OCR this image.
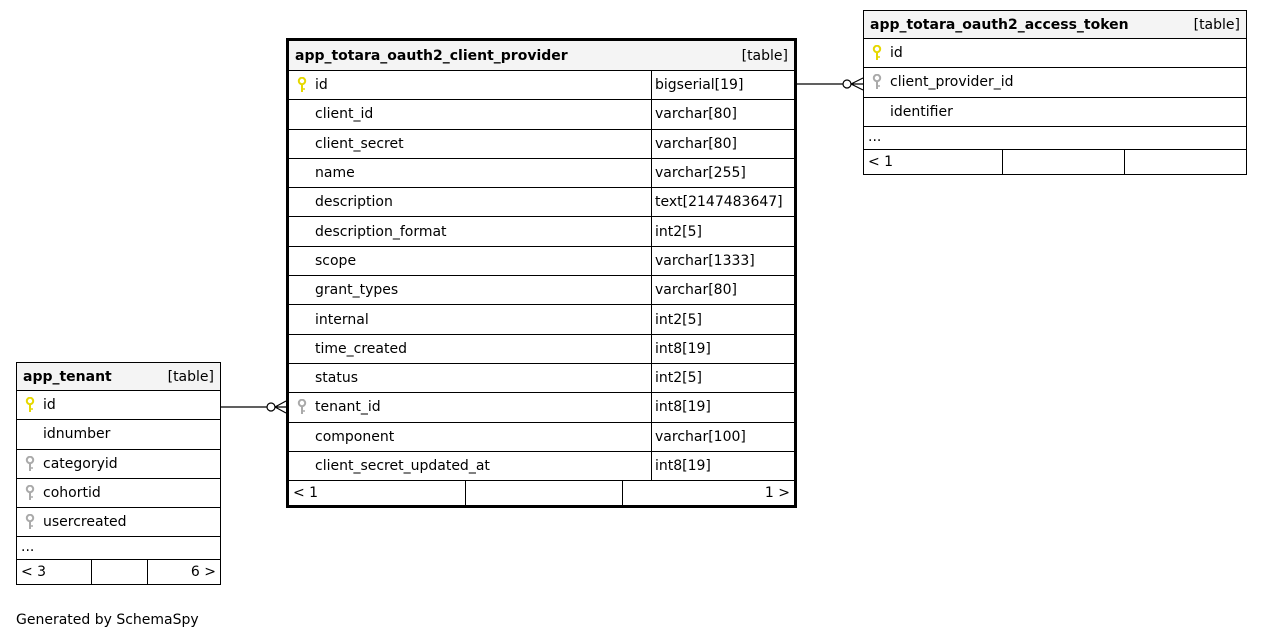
app_totara_oauth2_client_provider	[table]
id	bigserial[19]
client_id	varchar[80]
client_secret	varchar[80]
name	varchar[255]
description	text[2147483647]
description_format	int2[5]
scope	varchar[1333]
grant_types	varchar[80]
internal	int2[5]
time_created	int8[19]
status	int2[5]
tenant_id	int8[19]
component	varchar[100]
client_secret_updated_at	int8[19]
< 1	1 >
app_totara_oauth2_access_token	[table]
id
client_provider_id
identifier
...
< 1
app_tenant	[table]
id
idnumber
categoryid
cohortid
usercreated
...
< 3	6 >
Generated by SchemaSpy
